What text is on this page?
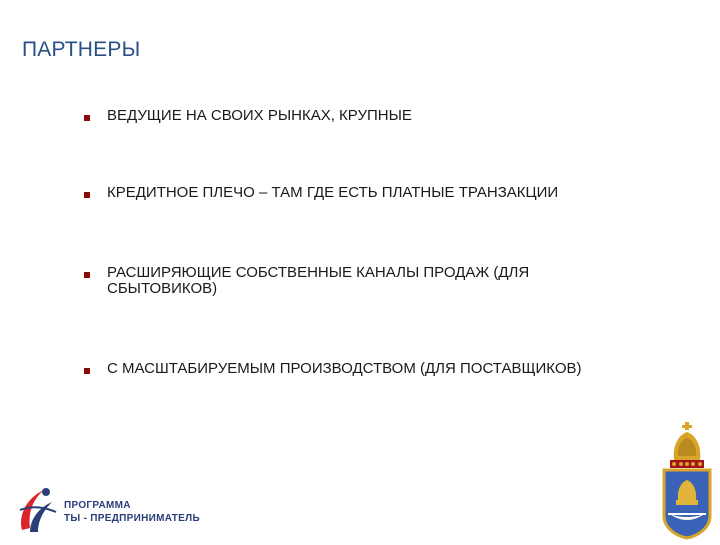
ПАРТНЕРЫ
ВЕДУЩИЕ НА СВОИХ РЫНКАХ, КРУПНЫЕ
КРЕДИТНОЕ ПЛЕЧО – ТАМ ГДЕ ЕСТЬ ПЛАТНЫЕ ТРАНЗАКЦИИ
РАСШИРЯЮЩИЕ СОБСТВЕННЫЕ КАНАЛЫ ПРОДАЖ (ДЛЯ СБЫТОВИКОВ)
С МАСШТАБИРУЕМЫМ ПРОИЗВОДСТВОМ (ДЛЯ ПОСТАВЩИКОВ)
ПРОГРАММА
ТЫ - ПРЕДПРИНИМАТЕЛЬ
